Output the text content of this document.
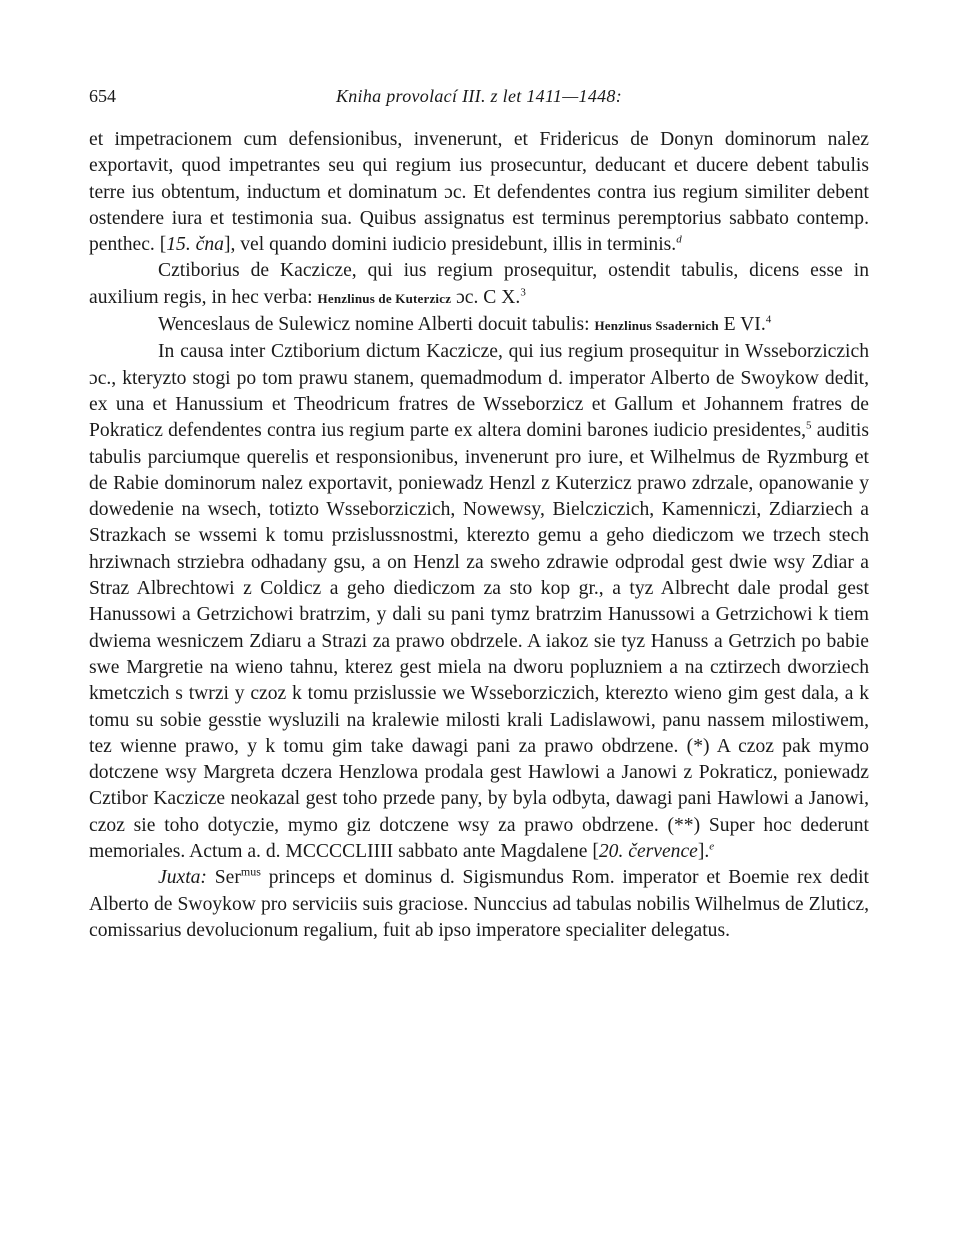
654	Kniha provolací III. z let 1411—1448:

et impetracionem cum defensionibus, invenerunt, et Fridericus de Donyn dominorum nalez exportavit, quod impetrantes seu qui regium ius prosecuntur, deducant et ducere debent tabulis terre ius obtentum, inductum et dominatum ɔc. Et defendentes contra ius regium similiter debent ostendere iura et testimonia sua. Quibus assignatus est terminus peremptorius sabbato contemp. penthec. [15. čna], vel quando domini iudicio presidebunt, illis in terminis.$^d$

Cztiborius de Kaczicze, qui ius regium prosequitur, ostendit tabulis, dicens esse in auxilium regis, in hec verba: Henzlinus de Kuterzicz ɔc. C X.$^3$

Wenceslaus de Sulewicz nomine Alberti docuit tabulis: Henzlinus Ssadernich E VI.$^4$

In causa inter Cztiborium dictum Kaczicze, qui ius regium prosequitur in Wsseborziczich ɔc., kteryzto stogi po tom prawu stanem, quemadmodum d. imperator Alberto de Swoykow dedit, ex una et Hanussium et Theodricum fratres de Wsseborzicz et Gallum et Johannem fratres de Pokraticz defendentes contra ius regium parte ex altera domini barones iudicio presidentes,$^5$ auditis tabulis parciumque querelis et responsionibus, invenerunt pro iure, et Wilhelmus de Ryzmburg et de Rabie dominorum nalez exportavit, poniewadz Henzl z Kuterzicz prawo zdrzale, opanowanie y dowedenie na wsech, totizto Wsseborziczich, Nowewsy, Bielcziczich, Kamenniczi, Zdiarziech a Strazkach se wssemi k tomu przislussnostmi, kterezto gemu a geho diediczom we trzech stech hrziwnach strziebra odhadany gsu, a on Henzl za sweho zdrawie odprodal gest dwie wsy Zdiar a Straz Albrechtowi z Coldicz a geho diediczom za sto kop gr., a tyz Albrecht dale prodal gest Hanussowi a Getrzichowi bratrzim, y dali su pani tymz bratrzim Hanussowi a Getrzichowi k tiem dwiema wesniczem Zdiaru a Strazi za prawo obdrzele. A iakoz sie tyz Hanuss a Getrzich po babie swe Margretie na wieno tahnu, kterez gest miela na dworu popluzniem a na cztirzech dworziech kmetczich s twrzi y czoz k tomu przislussie we Wsseborziczich, kterezto wieno gim gest dala, a k tomu su sobie gesstie wysluzili na kralewie milosti krali Ladislawowi, panu nassem milostiwem, tez wienne prawo, y k tomu gim take dawagi pani za prawo obdrzene. (*) A czoz pak mymo dotczene wsy Margreta dczera Henzlowa prodala gest Hawlowi a Janowi z Pokraticz, poniewadz Cztibor Kaczicze neokazal gest toho przede pany, by byla odbyta, dawagi pani Hawlowi a Janowi, czoz sie toho dotyczie, mymo giz dotczene wsy za prawo obdrzene. (**) Super hoc dederunt memoriales. Actum a. d. MCCCCLIIII sabbato ante Magdalene [20. července].$^e$

Juxta: Ser$^{mus}$ princeps et dominus d. Sigismundus Rom. imperator et Boemie rex dedit Alberto de Swoykow pro serviciis suis graciose. Nunccius ad tabulas nobilis Wilhelmus de Zluticz, comissarius devolucionum regalium, fuit ab ipso imperatore specialiter delegatus.
